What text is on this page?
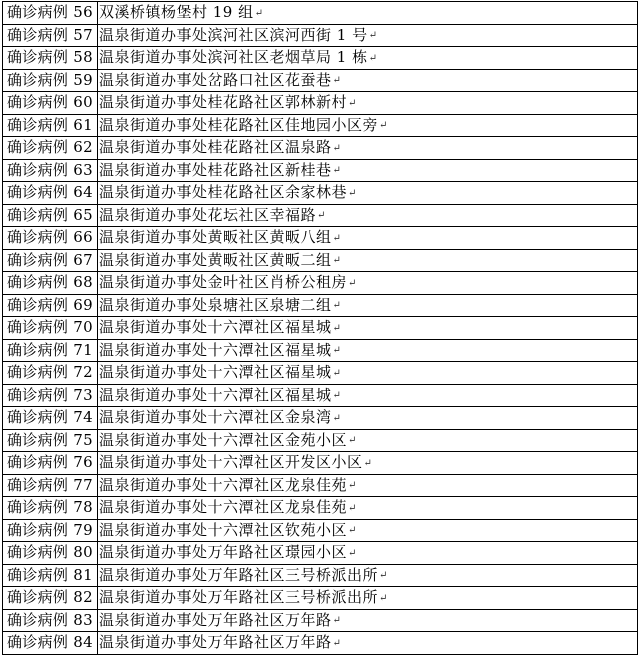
确诊病例 56	双溪桥镇杨堡村 19 组↵
确诊病例 57	温泉街道办事处滨河社区滨河西街 1 号↵
确诊病例 58	温泉街道办事处滨河社区老烟草局 1 栋↵
确诊病例 59	温泉街道办事处岔路口社区花蚕巷↵
确诊病例 60	温泉街道办事处桂花路社区郭林新村↵
确诊病例 61	温泉街道办事处桂花路社区佳地园小区旁↵
确诊病例 62	温泉街道办事处桂花路社区温泉路↵
确诊病例 63	温泉街道办事处桂花路社区新桂巷↵
确诊病例 64	温泉街道办事处桂花路社区余家林巷↵
确诊病例 65	温泉街道办事处花坛社区幸福路↵
确诊病例 66	温泉街道办事处黄畈社区黄畈八组↵
确诊病例 67	温泉街道办事处黄畈社区黄畈二组↵
确诊病例 68	温泉街道办事处金叶社区肖桥公租房↵
确诊病例 69	温泉街道办事处泉塘社区泉塘二组↵
确诊病例 70	温泉街道办事处十六潭社区福星城↵
确诊病例 71	温泉街道办事处十六潭社区福星城↵
确诊病例 72	温泉街道办事处十六潭社区福星城↵
确诊病例 73	温泉街道办事处十六潭社区福星城↵
确诊病例 74	温泉街道办事处十六潭社区金泉湾↵
确诊病例 75	温泉街道办事处十六潭社区金苑小区↵
确诊病例 76	温泉街道办事处十六潭社区开发区小区↵
确诊病例 77	温泉街道办事处十六潭社区龙泉佳苑↵
确诊病例 78	温泉街道办事处十六潭社区龙泉佳苑↵
确诊病例 79	温泉街道办事处十六潭社区钦苑小区↵
确诊病例 80	温泉街道办事处万年路社区璟园小区↵
确诊病例 81	温泉街道办事处万年路社区三号桥派出所↵
确诊病例 82	温泉街道办事处万年路社区三号桥派出所↵
确诊病例 83	温泉街道办事处万年路社区万年路↵
确诊病例 84	温泉街道办事处万年路社区万年路↵
